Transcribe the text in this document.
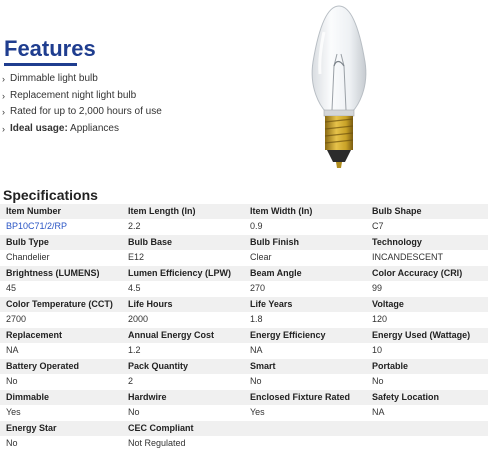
Features
› Dimmable light bulb
› Replacement night light bulb
› Rated for up to 2,000 hours of use
› Ideal usage: Appliances
Specifications
Item Number	Item Length (In)	Item Width (In)	Bulb Shape
BP10C71/2/RP	2.2	0.9	C7
Bulb Type	Bulb Base	Bulb Finish	Technology
Chandelier	E12	Clear	INCANDESCENT
Brightness (LUMENS)	Lumen Efficiency (LPW)	Beam Angle	Color Accuracy (CRI)
45	4.5	270	99
Color Temperature (CCT)	Life Hours	Life Years	Voltage
2700	2000	1.8	120
Replacement	Annual Energy Cost	Energy Efficiency	Energy Used (Wattage)
NA	1.2	NA	10
Battery Operated	Pack Quantity	Smart	Portable
No	2	No	No
Dimmable	Hardwire	Enclosed Fixture Rated	Safety Location
Yes	No	Yes	NA
Energy Star	CEC Compliant		
No	Not Regulated		
